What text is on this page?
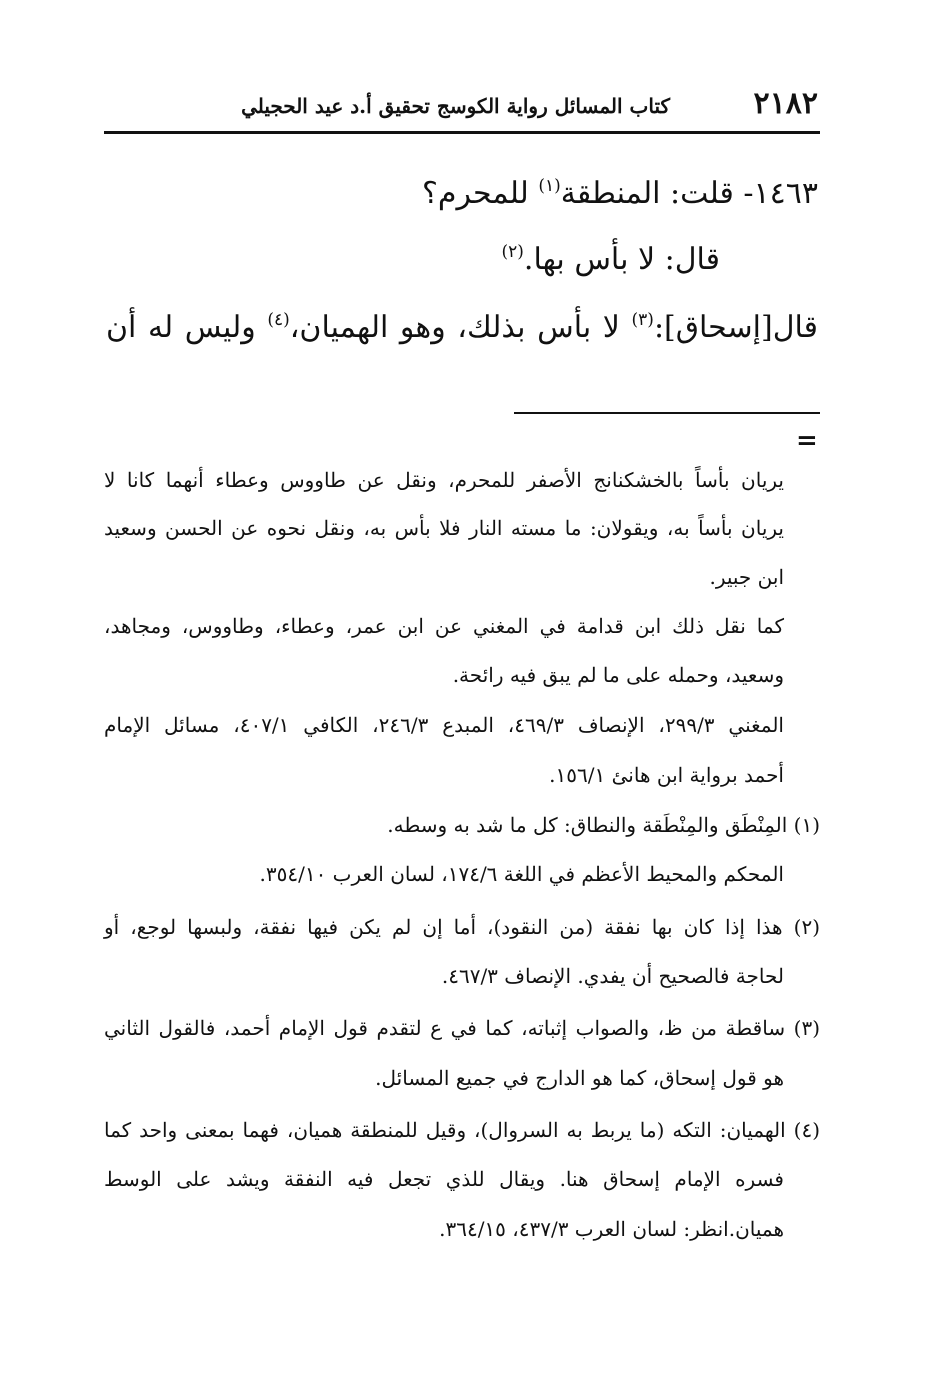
٢١٨٢
كتاب المسائل رواية الكوسج تحقيق أ.د عيد الحجيلي
١٤٦٣- قلت: المنطقة$^{(١)}$ للمحرم؟
قال: لا بأس بها.$^{(٢)}$
قال[إسحاق]:$^{(٣)}$ لا بأس بذلك، وهو الهميان،$^{(٤)}$ وليس له أن
=
يريان بأساً بالخشكنانج الأصفر للمحرم، ونقل عن طاووس وعطاء أنهما كانا لا
يريان بأساً به، ويقولان: ما مسته النار فلا بأس به، ونقل نحوه عن الحسن وسعيد
ابن جبير.
كما نقل ذلك ابن قدامة في المغني عن ابن عمر، وعطاء، وطاووس، ومجاهد،
وسعيد، وحمله على ما لم يبق فيه رائحة.
المغني ٢٩٩/٣، الإنصاف ٤٦٩/٣، المبدع ٢٤٦/٣، الكافي ٤٠٧/١، مسائل الإمام
أحمد برواية ابن هانئ ١٥٦/١.
(١) المِنْطَق والمِنْطَقة والنطاق: كل ما شد به وسطه.
المحكم والمحيط الأعظم في اللغة ١٧٤/٦، لسان العرب ٣٥٤/١٠.
(٢) هذا إذا كان بها نفقة (من النقود)، أما إن لم يكن فيها نفقة، ولبسها لوجع، أو
لحاجة فالصحيح أن يفدي. الإنصاف ٤٦٧/٣.
(٣) ساقطة من ظ، والصواب إثباته، كما في ع لتقدم قول الإمام أحمد، فالقول الثاني
هو قول إسحاق، كما هو الدارج في جميع المسائل.
(٤) الهميان: التكه (ما يربط به السروال)، وقيل للمنطقة هميان، فهما بمعنى واحد كما
فسره الإمام إسحاق هنا. ويقال للذي تجعل فيه النفقة ويشد على الوسط
هميان.انظر: لسان العرب ٤٣٧/٣، ٣٦٤/١٥.
